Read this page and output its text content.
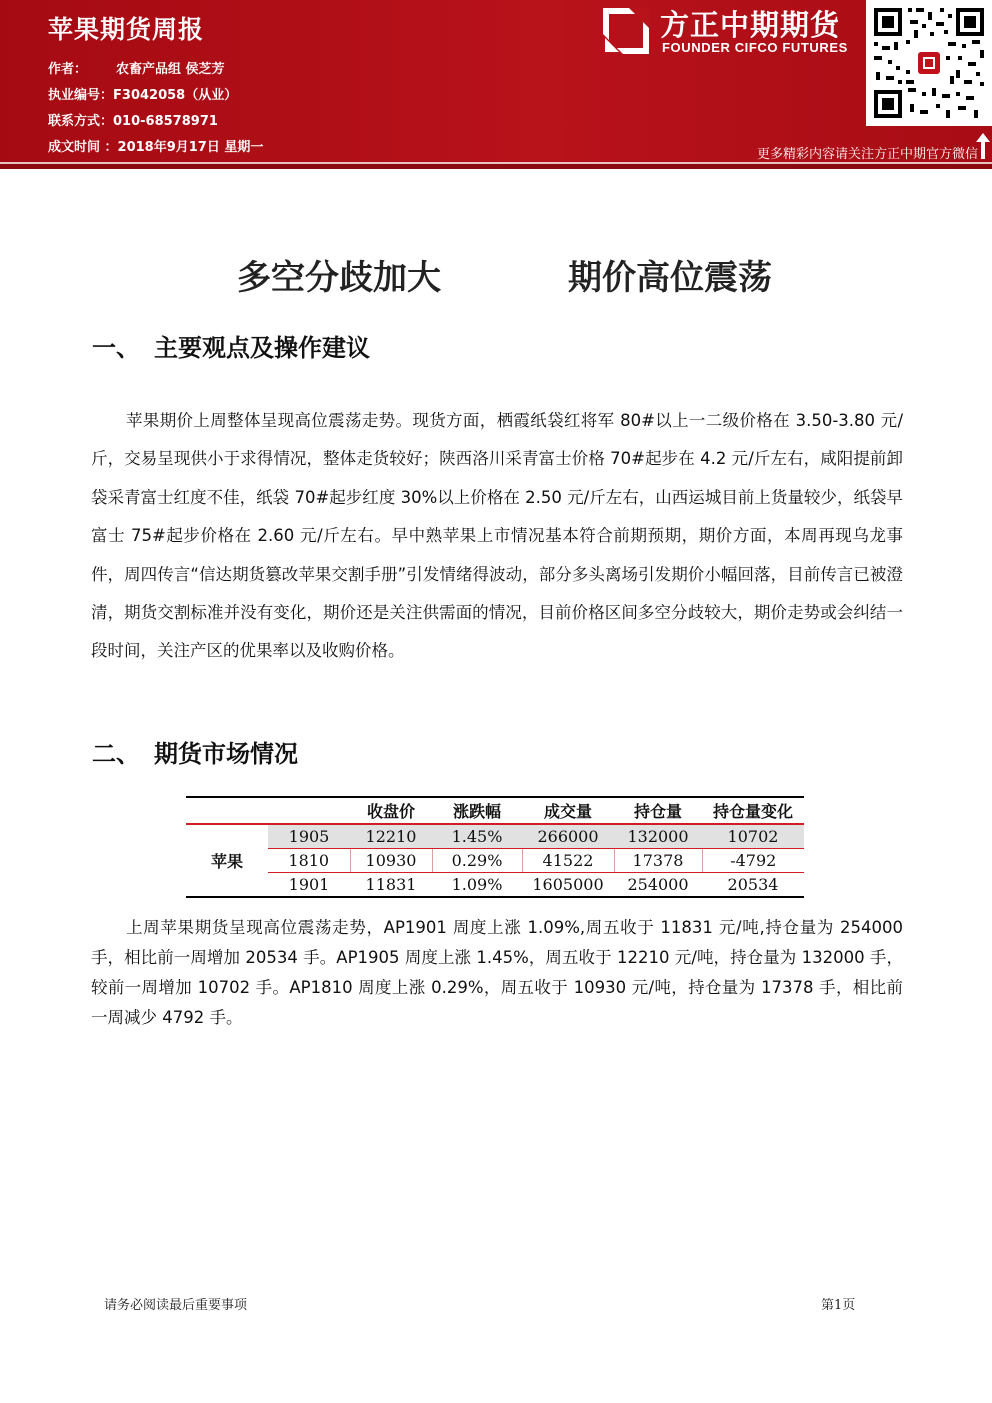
苹果期货周报
作者： 农畜产品组 侯芝芳
执业编号：F3042058（从业）
联系方式：010-68578971
成文时间 ：2018年9月17日 星期一
方正中期期货
FOUNDER CIFCO FUTURES
更多精彩内容请关注方正中期官方微信
多空分歧加大	期价高位震荡
一、 主要观点及操作建议
苹果期价上周整体呈现高位震荡走势。现货方面，栖霞纸袋红将军 80#以上一二级价格在 3.50-3.80 元/斤，交易呈现供小于求得情况，整体走货较好；陕西洛川采青富士价格 70#起步在 4.2 元/斤左右，咸阳提前卸袋采青富士红度不佳，纸袋 70#起步红度 30%以上价格在 2.50 元/斤左右，山西运城目前上货量较少，纸袋早富士 75#起步价格在 2.60 元/斤左右。早中熟苹果上市情况基本符合前期预期，期价方面，本周再现乌龙事件，周四传言“信达期货篡改苹果交割手册”引发情绪得波动，部分多头离场引发期价小幅回落，目前传言已被澄清，期货交割标准并没有变化，期价还是关注供需面的情况，目前价格区间多空分歧较大，期价走势或会纠结一段时间，关注产区的优果率以及收购价格。
二、 期货市场情况
		收盘价	涨跌幅	成交量	持仓量	持仓量变化
苹果	1905	12210	1.45%	266000	132000	10702
	1810	10930	0.29%	41522	17378	-4792
	1901	11831	1.09%	1605000	254000	20534
上周苹果期货呈现高位震荡走势，AP1901 周度上涨 1.09%,周五收于 11831 元/吨,持仓量为 254000 手，相比前一周增加 20534 手。AP1905 周度上涨 1.45%，周五收于 12210 元/吨，持仓量为 132000 手，较前一周增加 10702 手。AP1810 周度上涨 0.29%，周五收于 10930 元/吨，持仓量为 17378 手，相比前一周减少 4792 手。
请务必阅读最后重要事项	第1页
